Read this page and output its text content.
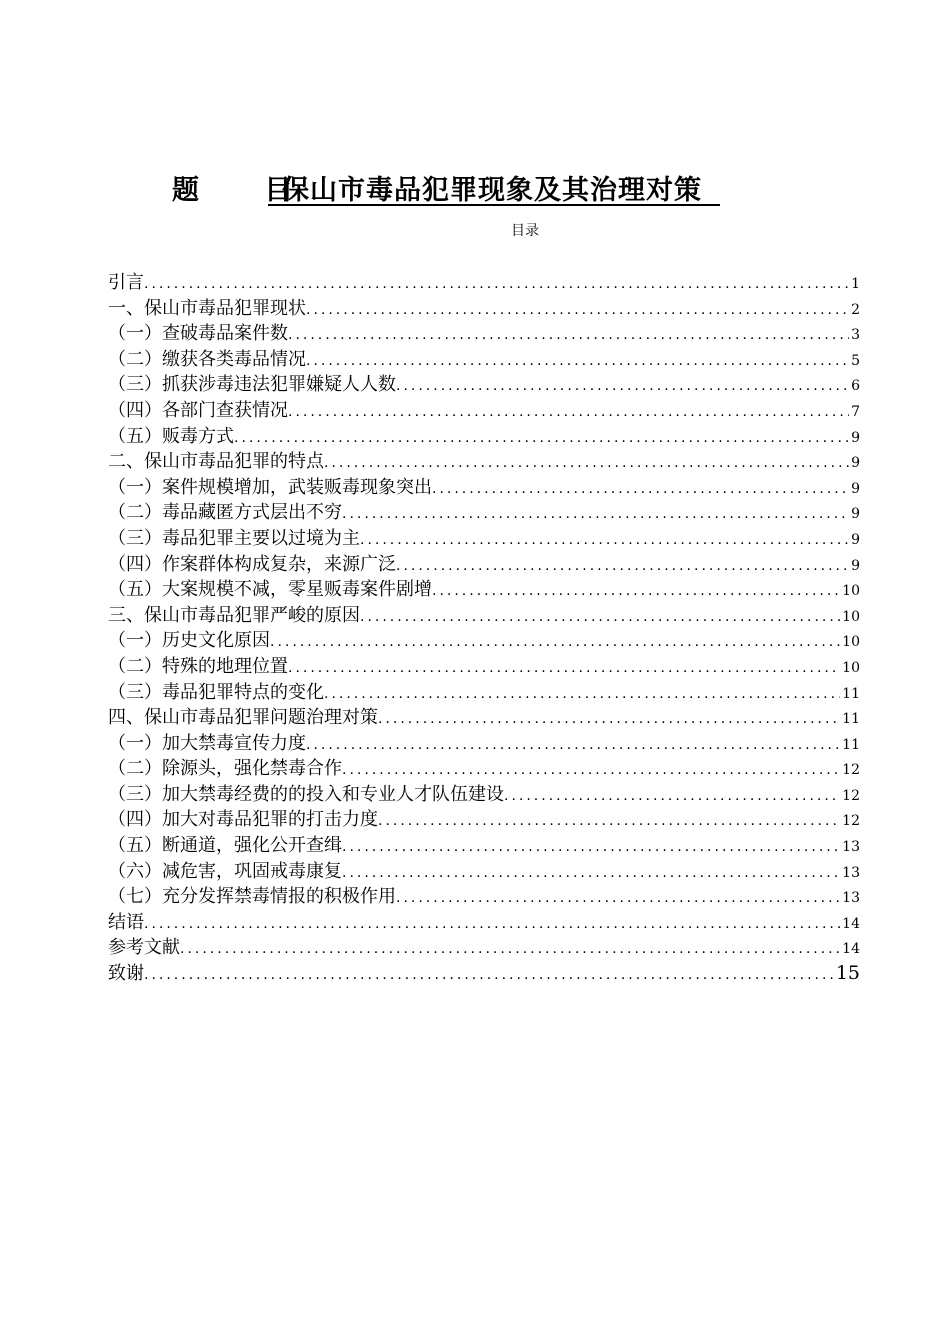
题 目
保山市毒品犯罪现象及其治理对策
目录
引言 .....	1
一、保山市毒品犯罪现状 .....	2
（一）查破毒品案件数 .....	3
（二）缴获各类毒品情况 .....	5
（三）抓获涉毒违法犯罪嫌疑人人数 .....	6
（四）各部门查获情况 .....	7
（五）贩毒方式 .....	9
二、保山市毒品犯罪的特点 .....	9
（一）案件规模增加，武装贩毒现象突出 .....	9
（二）毒品藏匿方式层出不穷 .....	9
（三）毒品犯罪主要以过境为主 .....	9
（四）作案群体构成复杂，来源广泛 .....	9
（五）大案规模不减，零星贩毒案件剧增 .....	10
三、保山市毒品犯罪严峻的原因 .....	10
（一）历史文化原因 .....	10
（二）特殊的地理位置 .....	10
（三）毒品犯罪特点的变化 .....	11
四、保山市毒品犯罪问题治理对策 .....	11
（一）加大禁毒宣传力度 .....	11
（二）除源头，强化禁毒合作 .....	12
（三）加大禁毒经费的的投入和专业人才队伍建设 .....	12
（四）加大对毒品犯罪的打击力度 .....	12
（五）断通道，强化公开查缉 .....	13
（六）减危害，巩固戒毒康复 .....	13
（七）充分发挥禁毒情报的积极作用 .....	13
结语 .....	14
参考文献 .....	14
致谢 .....	15
